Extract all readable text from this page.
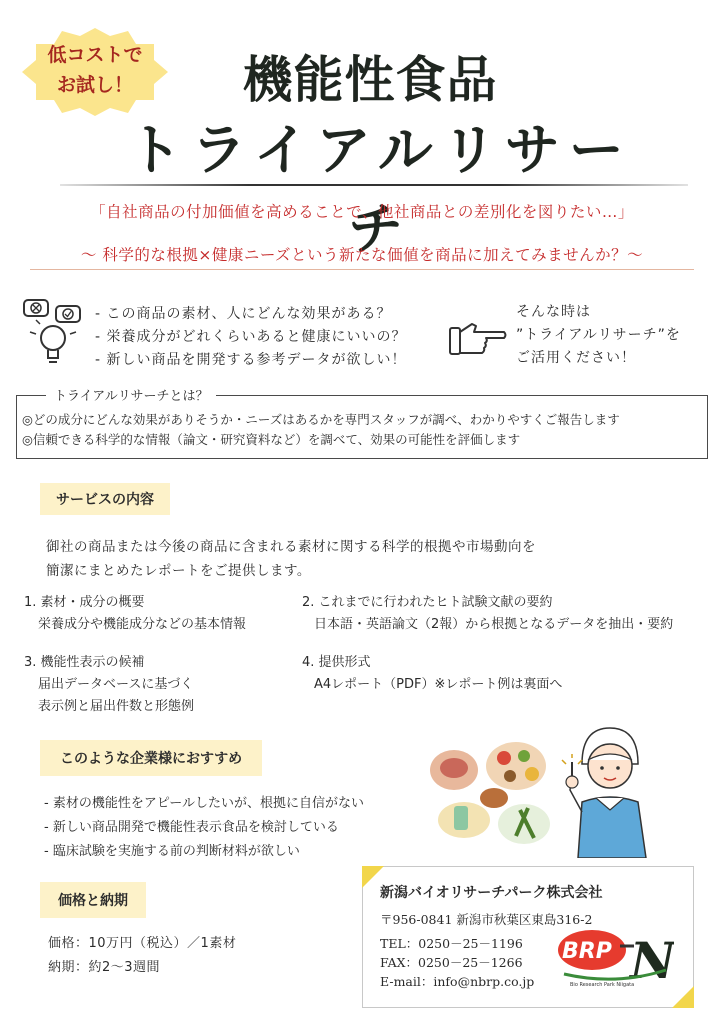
低コストで
お試し！	機能性食品
トライアルリサーチ
「自社商品の付加価値を高めることで、他社商品との差別化を図りたい…」
～ 科学的な根拠×健康ニーズという新たな価値を商品に加えてみませんか？～
- この商品の素材、人にどんな効果がある？
- 栄養成分がどれくらいあると健康にいいの？
- 新しい商品を開発する参考データが欲しい！
そんな時は
”トライアルリサーチ”を
ご活用ください！
トライアルリサーチとは？
◎どの成分にどんな効果がありそうか・ニーズはあるかを専門スタッフが調べ、わかりやすくご報告します
◎信頼できる科学的な情報（論文・研究資料など）を調べて、効果の可能性を評価します
サービスの内容
御社の商品または今後の商品に含まれる素材に関する科学的根拠や市場動向を
簡潔にまとめたレポートをご提供します。
1. 素材・成分の概要
栄養成分や機能成分などの基本情報
2. これまでに行われたヒト試験文献の要約
日本語・英語論文（2報）から根拠となるデータを抽出・要約
3. 機能性表示の候補
届出データベースに基づく
表示例と届出件数と形態例
4. 提供形式
A4レポート（PDF）※レポート例は裏面へ
このような企業様におすすめ
- 素材の機能性をアピールしたいが、根拠に自信がない
- 新しい商品開発で機能性表示食品を検討している
- 臨床試験を実施する前の判断材料が欲しい
価格と納期
価格：10万円（税込）／1素材
納期：約2～3週間
新潟バイオリサーチパーク株式会社
〒956-0841 新潟市秋葉区東島316-2
TEL：0250－25－1196
FAX：0250－25－1266
E-mail：info@nbrp.co.jp
BRP N
Bio Research Park Niigata
